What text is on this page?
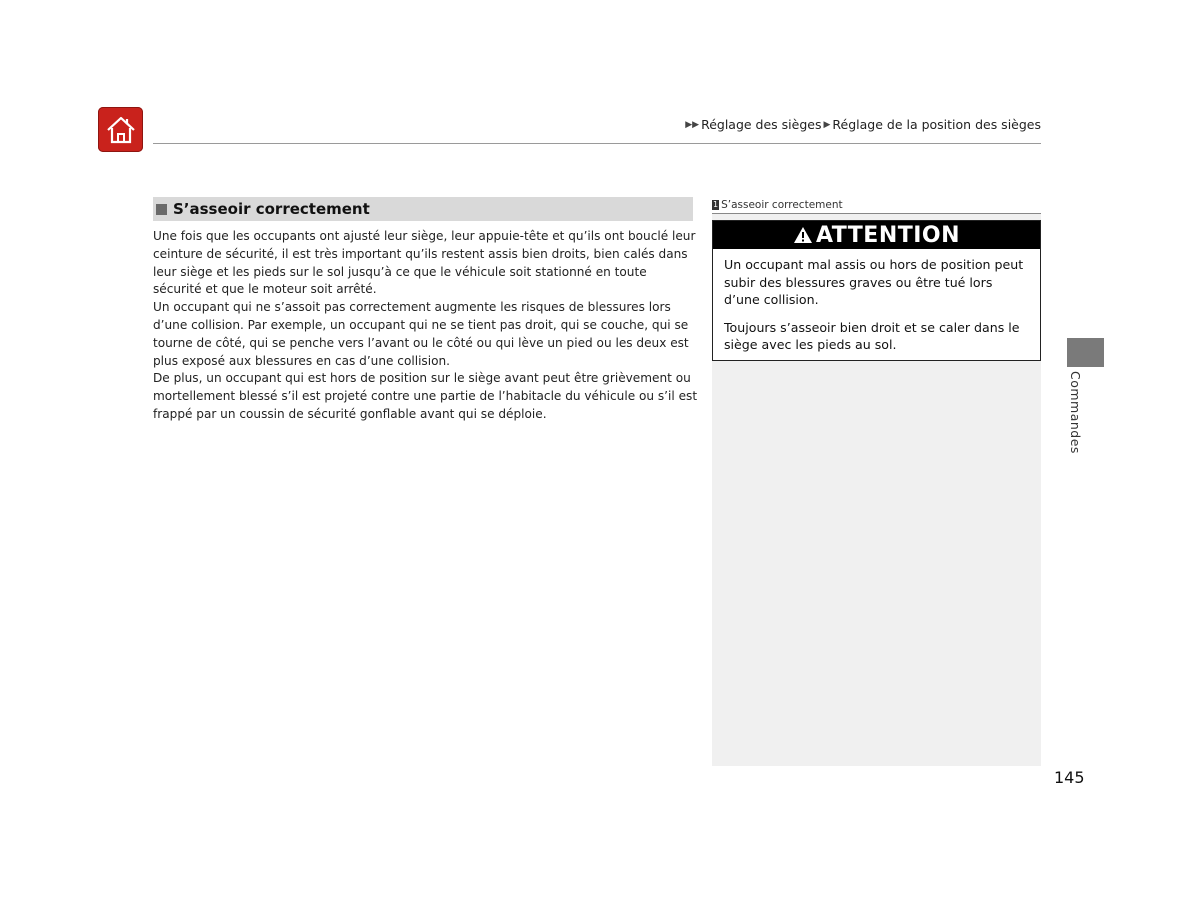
▶▶ Réglage des sièges ▶ Réglage de la position des sièges
S’asseoir correctement

Une fois que les occupants ont ajusté leur siège, leur appuie-tête et qu’ils ont bouclé leur ceinture de sécurité, il est très important qu’ils restent assis bien droits, bien calés dans leur siège et les pieds sur le sol jusqu’à ce que le véhicule soit stationné en toute sécurité et que le moteur soit arrêté.

Un occupant qui ne s’assoit pas correctement augmente les risques de blessures lors d’une collision. Par exemple, un occupant qui ne se tient pas droit, qui se couche, qui se tourne de côté, qui se penche vers l’avant ou le côté ou qui lève un pied ou les deux est plus exposé aux blessures en cas d’une collision.

De plus, un occupant qui est hors de position sur le siège avant peut être grièvement ou mortellement blessé s’il est projeté contre une partie de l’habitacle du véhicule ou s’il est frappé par un coussin de sécurité gonflable avant qui se déploie.

1 S’asseoir correctement
ATTENTION

Un occupant mal assis ou hors de position peut subir des blessures graves ou être tué lors d’une collision.

Toujours s’asseoir bien droit et se caler dans le siège avec les pieds au sol.

Commandes
145
